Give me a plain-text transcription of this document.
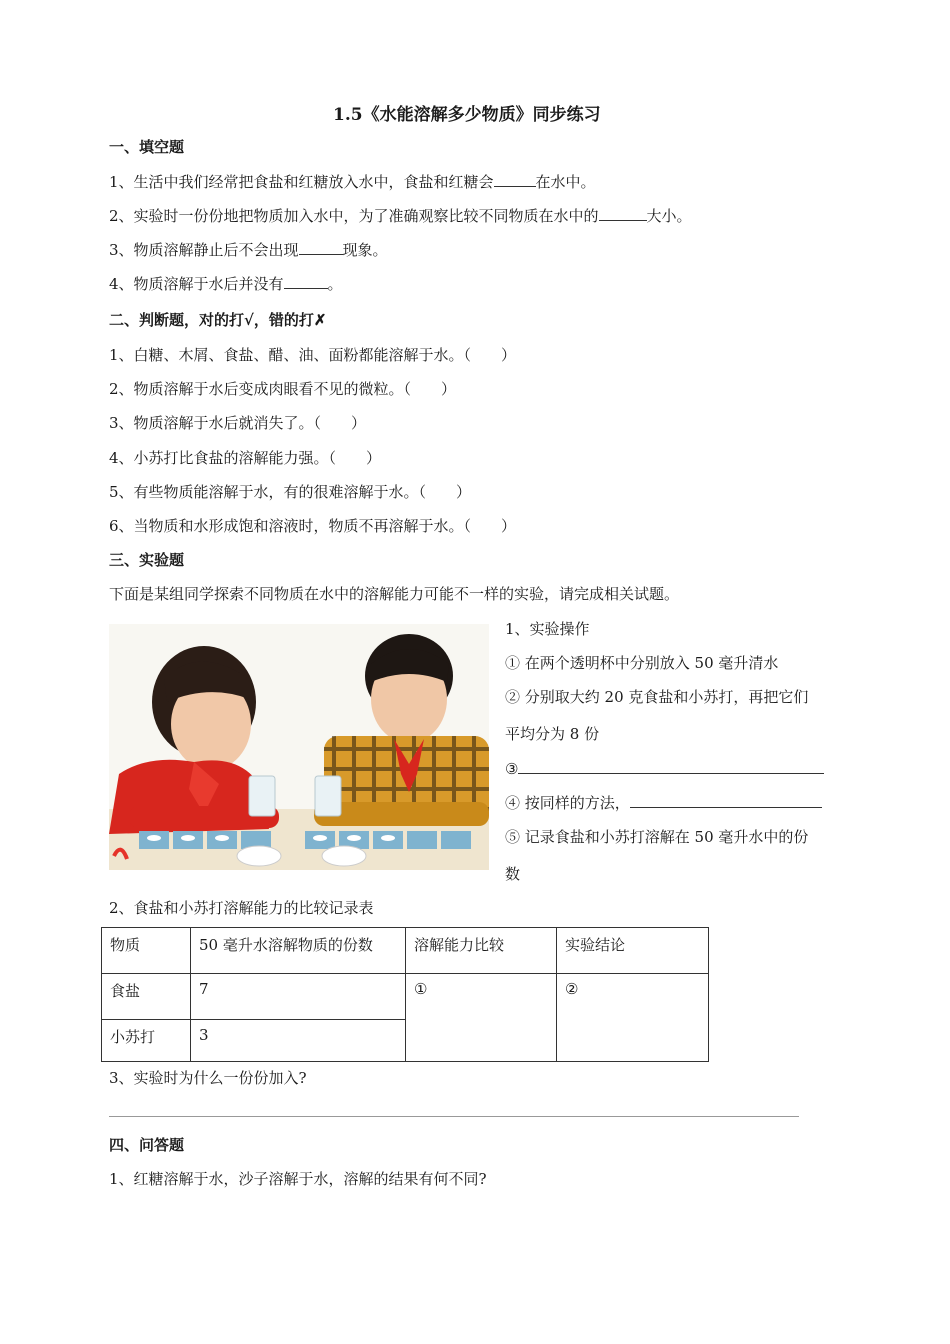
1.5《水能溶解多少物质》同步练习
一、填空题
1、生活中我们经常把食盐和红糖放入水中，食盐和红糖会	在水中。
2、实验时一份份地把物质加入水中，为了准确观察比较不同物质在水中的	大小。
3、物质溶解静止后不会出现	现象。
4、物质溶解于水后并没有	。
二、判断题，对的打√，错的打✗
1、白糖、木屑、食盐、醋、油、面粉都能溶解于水。（　　）
2、物质溶解于水后变成肉眼看不见的微粒。（　　）
3、物质溶解于水后就消失了。（　　）
4、小苏打比食盐的溶解能力强。（　　）
5、有些物质能溶解于水，有的很难溶解于水。（　　）
6、当物质和水形成饱和溶液时，物质不再溶解于水。（　　）
三、实验题
下面是某组同学探索不同物质在水中的溶解能力可能不一样的实验，请完成相关试题。
1、实验操作
① 在两个透明杯中分别放入 50 毫升清水
② 分别取大约 20 克食盐和小苏打，再把它们
平均分为 8 份
③
④ 按同样的方法，
⑤ 记录食盐和小苏打溶解在 50 毫升水中的份
数
2、食盐和小苏打溶解能力的比较记录表
物质	50 毫升水溶解物质的份数	溶解能力比较	实验结论
食盐	7	①	②
小苏打	3		
3、实验时为什么一份份加入?
四、问答题
1、红糖溶解于水，沙子溶解于水，溶解的结果有何不同?
